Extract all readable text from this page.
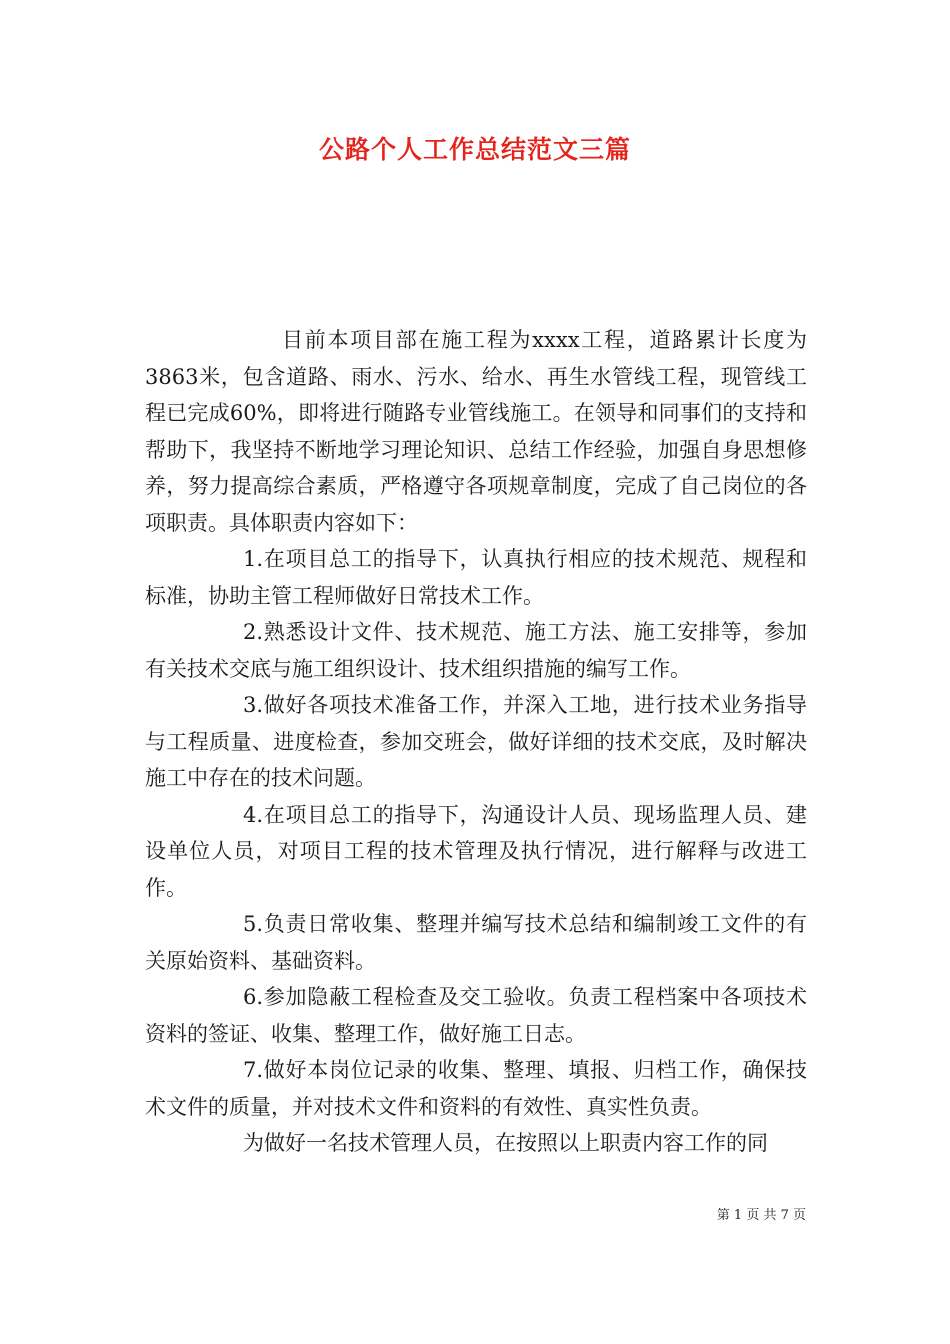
公路个人工作总结范文三篇

目前本项目部在施工程为xxxx工程，道路累计长度为3863米，包含道路、雨水、污水、给水、再生水管线工程，现管线工程已完成60%，即将进行随路专业管线施工。在领导和同事们的支持和帮助下，我坚持不断地学习理论知识、总结工作经验，加强自身思想修养，努力提高综合素质，严格遵守各项规章制度，完成了自己岗位的各项职责。具体职责内容如下：

1.在项目总工的指导下，认真执行相应的技术规范、规程和标准，协助主管工程师做好日常技术工作。

2.熟悉设计文件、技术规范、施工方法、施工安排等，参加有关技术交底与施工组织设计、技术组织措施的编写工作。

3.做好各项技术准备工作，并深入工地，进行技术业务指导与工程质量、进度检查，参加交班会，做好详细的技术交底，及时解决施工中存在的技术问题。

4.在项目总工的指导下，沟通设计人员、现场监理人员、建设单位人员，对项目工程的技术管理及执行情况，进行解释与改进工作。

5.负责日常收集、整理并编写技术总结和编制竣工文件的有关原始资料、基础资料。

6.参加隐蔽工程检查及交工验收。负责工程档案中各项技术资料的签证、收集、整理工作，做好施工日志。

7.做好本岗位记录的收集、整理、填报、归档工作，确保技术文件的质量，并对技术文件和资料的有效性、真实性负责。

为做好一名技术管理人员，在按照以上职责内容工作的同

第 1 页 共 7 页
